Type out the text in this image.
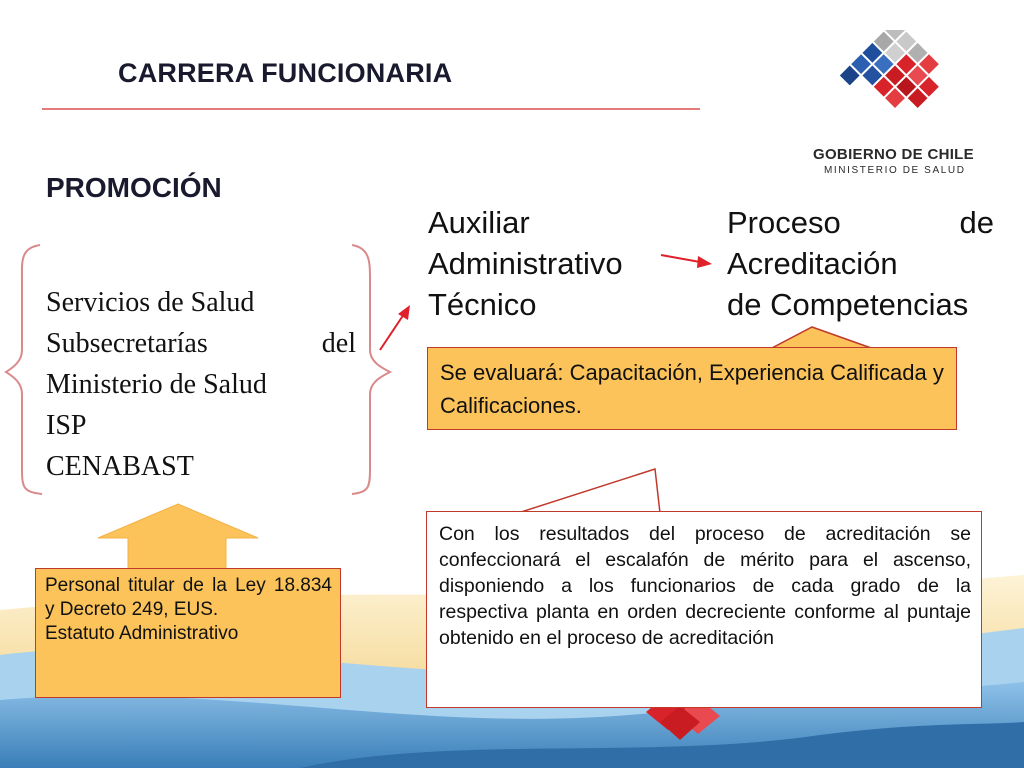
CARRERA FUNCIONARIA
PROMOCIÓN
GOBIERNO DE CHILE
MINISTERIO DE SALUD
Servicios de Salud
Subsecretarías	del
Ministerio de Salud
ISP
CENABAST
Auxiliar
Administrativo
Técnico
Proceso	de
Acreditación
de Competencias
Se evaluará: Capacitación, Experiencia Calificada y Calificaciones.
Personal titular de la Ley 18.834 y Decreto 249, EUS.
Estatuto Administrativo
Con los resultados del proceso de acreditación se confeccionará el escalafón de mérito para el ascenso, disponiendo a los funcionarios de cada grado de la respectiva planta en orden decreciente conforme al puntaje obtenido en el proceso de acreditación
